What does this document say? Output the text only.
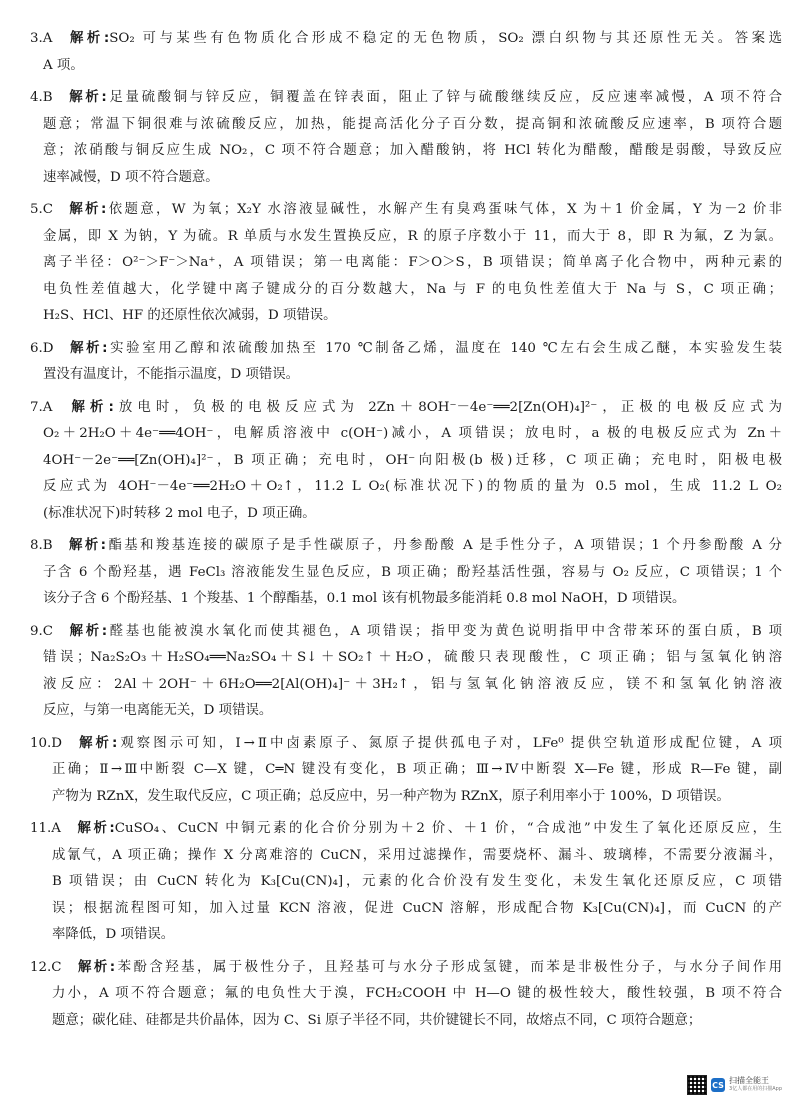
3.A 解析:SO₂ 可与某些有色物质化合形成不稳定的无色物质，SO₂ 漂白织物与其还原性无关。答案选
A 项。
4.B 解析:足量硫酸铜与锌反应，铜覆盖在锌表面，阻止了锌与硫酸继续反应，反应速率减慢，A 项不符合
题意；常温下铜很难与浓硫酸反应，加热，能提高活化分子百分数，提高铜和浓硫酸反应速率，B 项符合题
意；浓硝酸与铜反应生成 NO₂，C 项不符合题意；加入醋酸钠，将 HCl 转化为醋酸，醋酸是弱酸，导致反应
速率减慢，D 项不符合题意。
5.C 解析:依题意，W 为氧；X₂Y 水溶液显碱性，水解产生有臭鸡蛋味气体，X 为＋1 价金属，Y 为－2 价非
金属，即 X 为钠，Y 为硫。R 单质与水发生置换反应，R 的原子序数小于 11，而大于 8，即 R 为氟，Z 为氯。
离子半径：O²⁻＞F⁻＞Na⁺，A 项错误；第一电离能：F＞O＞S，B 项错误；简单离子化合物中，两种元素的
电负性差值越大，化学键中离子键成分的百分数越大，Na 与 F 的电负性差值大于 Na 与 S，C 项正确；
H₂S、HCl、HF 的还原性依次减弱，D 项错误。
6.D 解析:实验室用乙醇和浓硫酸加热至 170 ℃制备乙烯，温度在 140 ℃左右会生成乙醚，本实验发生装
置没有温度计，不能指示温度，D 项错误。
7.A 解析:放电时，负极的电极反应式为 2Zn＋8OH⁻－4e⁻══2[Zn(OH)₄]²⁻，正极的电极反应式为
O₂＋2H₂O＋4e⁻══4OH⁻，电解质溶液中 c(OH⁻)减小，A 项错误；放电时，a 极的电极反应式为 Zn＋
4OH⁻－2e⁻══[Zn(OH)₄]²⁻，B 项正确；充电时，OH⁻向阳极(b 极)迁移，C 项正确；充电时，阳极电极
反应式为 4OH⁻－4e⁻══2H₂O＋O₂↑，11.2 L O₂(标准状况下)的物质的量为 0.5 mol，生成 11.2 L O₂
(标准状况下)时转移 2 mol 电子，D 项正确。
8.B 解析:酯基和羧基连接的碳原子是手性碳原子，丹参酚酸 A 是手性分子，A 项错误；1 个丹参酚酸 A 分
子含 6 个酚羟基，遇 FeCl₃ 溶液能发生显色反应，B 项正确；酚羟基活性强，容易与 O₂ 反应，C 项错误；1 个
该分子含 6 个酚羟基、1 个羧基、1 个醇酯基，0.1 mol 该有机物最多能消耗 0.8 mol NaOH，D 项错误。
9.C 解析:醛基也能被溴水氧化而使其褪色，A 项错误；指甲变为黄色说明指甲中含带苯环的蛋白质，B 项
错误；Na₂S₂O₃＋H₂SO₄══Na₂SO₄＋S↓＋SO₂↑＋H₂O，硫酸只表现酸性，C 项正确；铝与氢氧化钠溶
液反应：2Al＋2OH⁻＋6H₂O══2[Al(OH)₄]⁻＋3H₂↑，铝与氢氧化钠溶液反应，镁不和氢氧化钠溶液
反应，与第一电离能无关，D 项错误。
10.D 解析:观察图示可知，Ⅰ→Ⅱ中卤素原子、氮原子提供孤电子对，LFe⁰ 提供空轨道形成配位键，A 项
正确；Ⅱ→Ⅲ中断裂 C—X 键，C═N 键没有变化，B 项正确；Ⅲ→Ⅳ中断裂 X—Fe 键，形成 R—Fe 键，副
产物为 RZnX，发生取代反应，C 项正确；总反应中，另一种产物为 RZnX，原子利用率小于 100%，D 项错误。
11.A 解析:CuSO₄、CuCN 中铜元素的化合价分别为＋2 价、＋1 价，“合成池”中发生了氧化还原反应，生
成氰气，A 项正确；操作 X 分离难溶的 CuCN，采用过滤操作，需要烧杯、漏斗、玻璃棒，不需要分液漏斗，
B 项错误；由 CuCN 转化为 K₃[Cu(CN)₄]，元素的化合价没有发生变化，未发生氧化还原反应，C 项错
误；根据流程图可知，加入过量 KCN 溶液，促进 CuCN 溶解，形成配合物 K₃[Cu(CN)₄]，而 CuCN 的产
率降低，D 项错误。
12.C 解析:苯酚含羟基，属于极性分子，且羟基可与水分子形成氢键，而苯是非极性分子，与水分子间作用
力小，A 项不符合题意；氟的电负性大于溴，FCH₂COOH 中 H—O 键的极性较大，酸性较强，B 项不符合
题意；碳化硅、硅都是共价晶体，因为 C、Si 原子半径不同，共价键键长不同，故熔点不同，C 项符合题意；
CS 扫描全能王
3亿人都在用的扫描App
